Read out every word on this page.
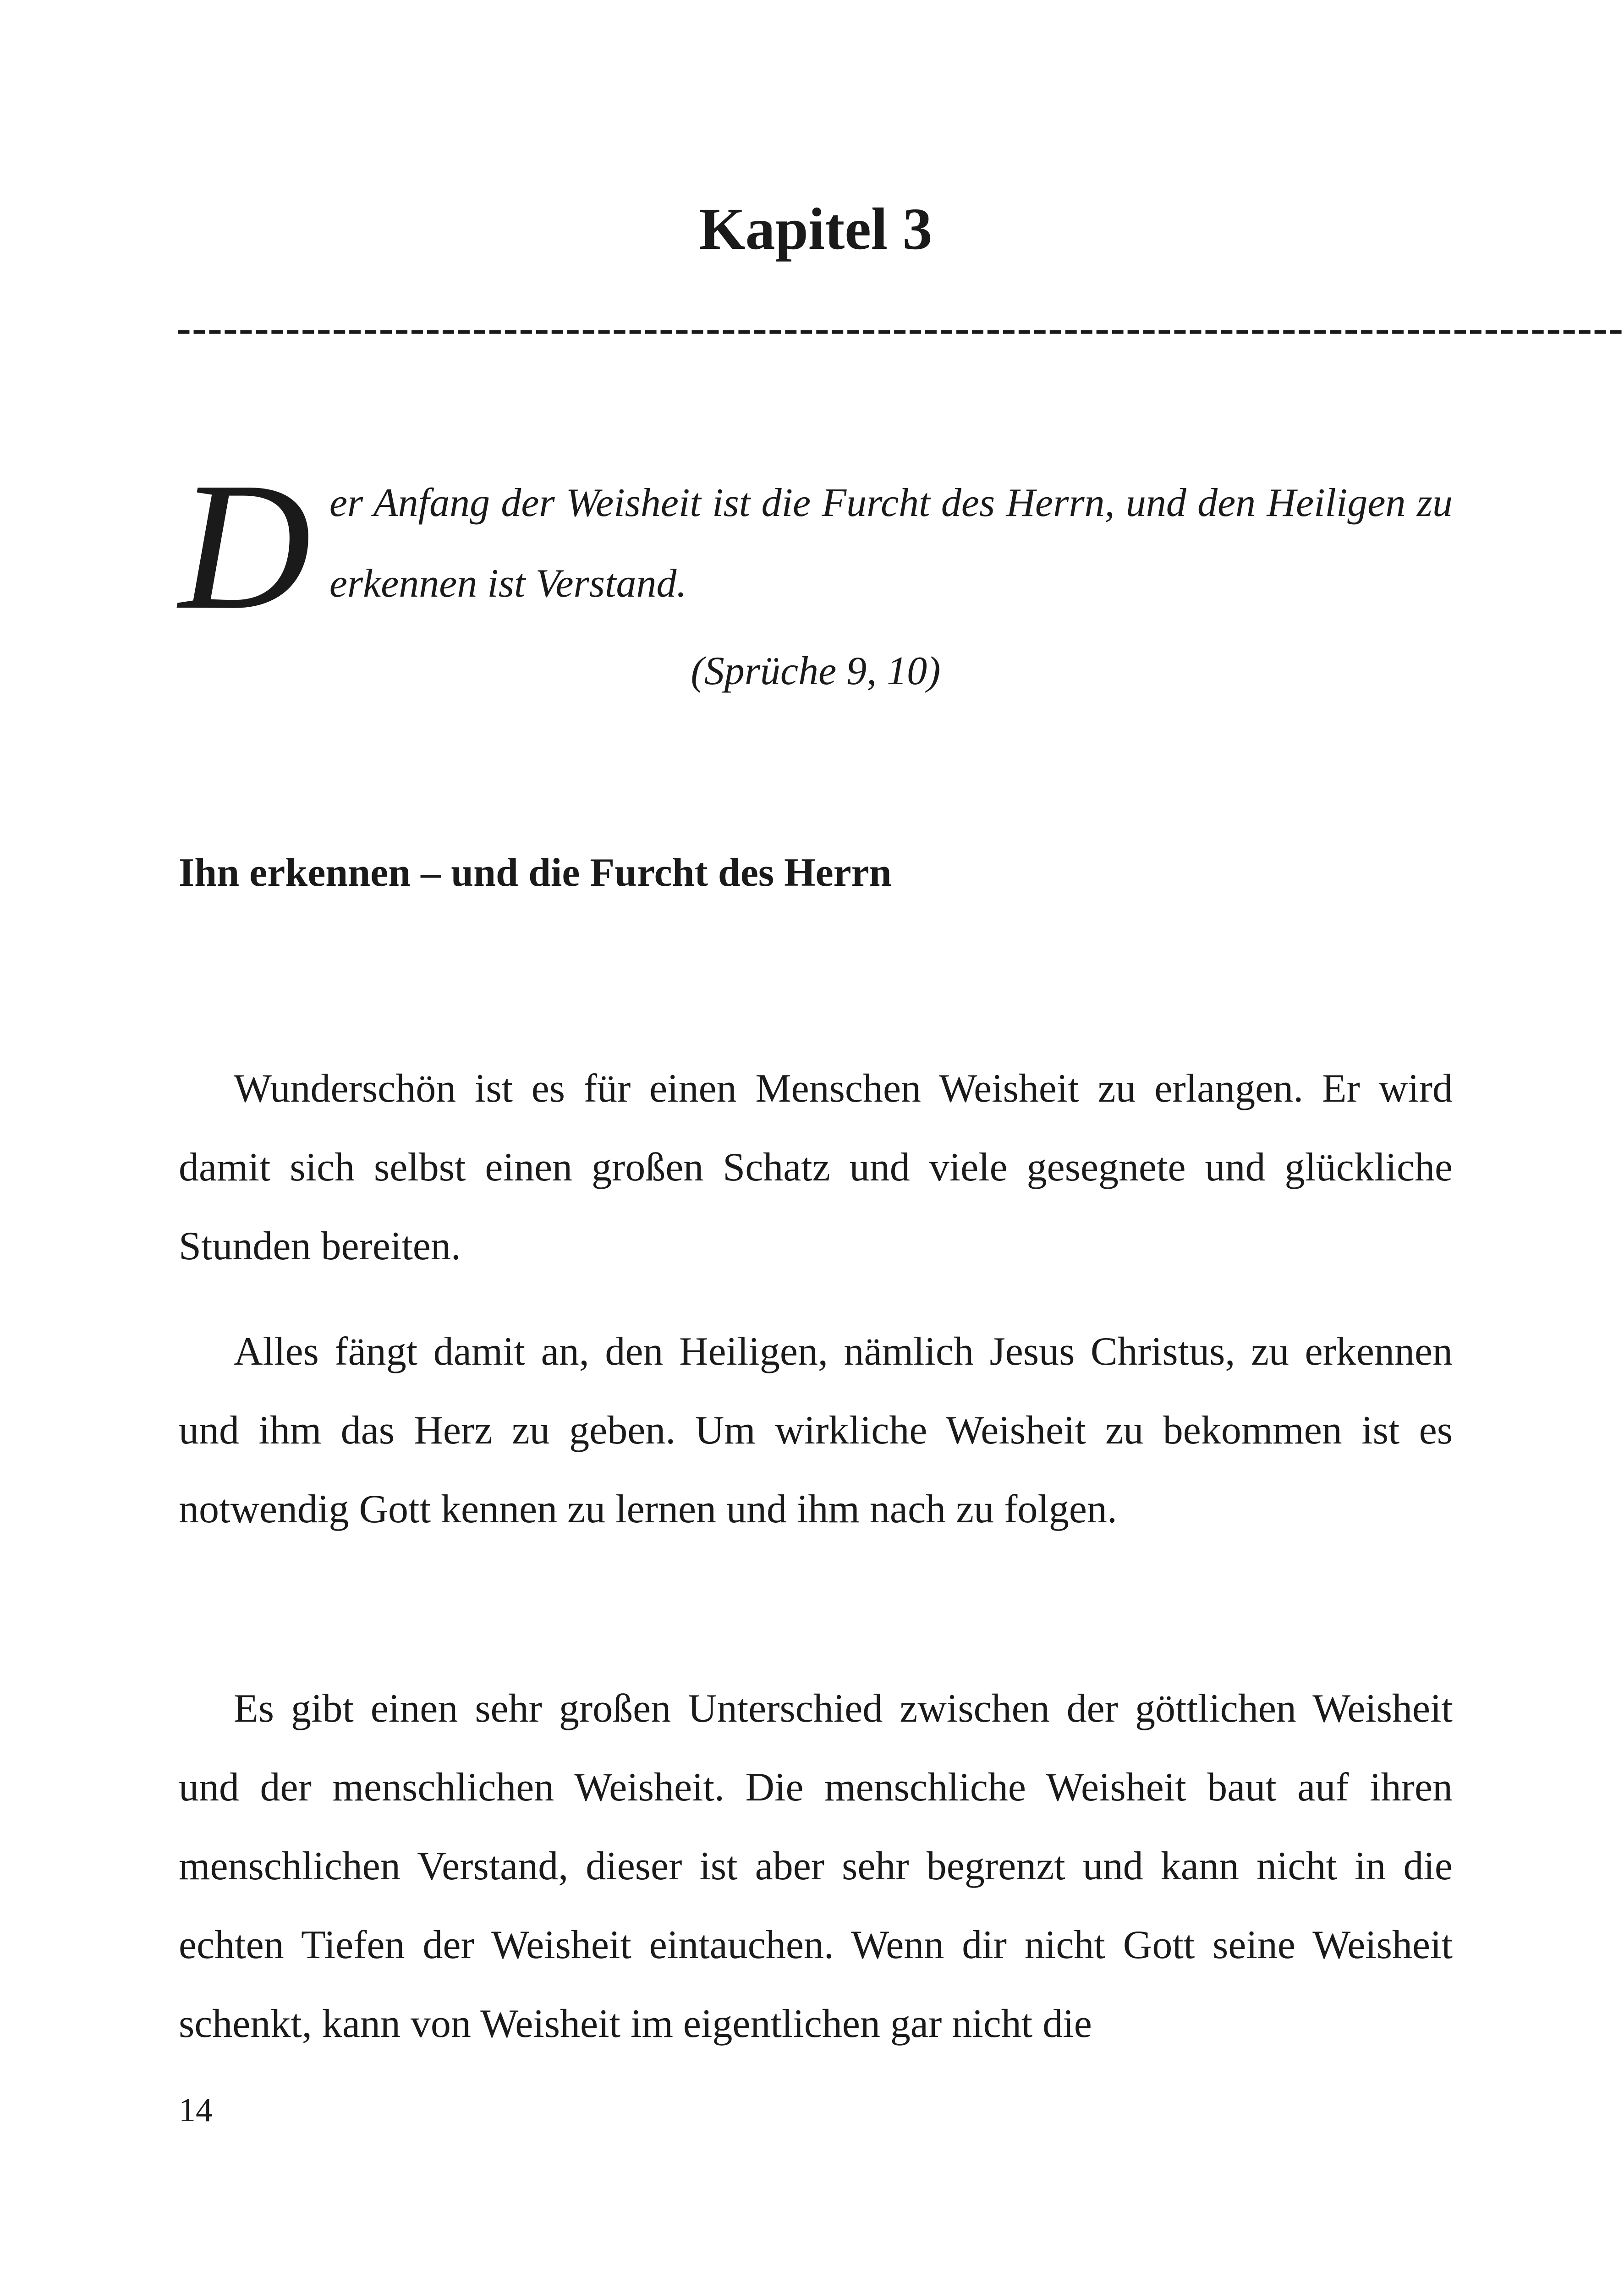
Kapitel 3
---------------------------------------------------------------------------------------------
D er Anfang der Weisheit ist die Furcht des Herrn, und den Heiligen zu erkennen ist Verstand.

(Sprüche 9, 10)
Ihn erkennen – und die Furcht des Herrn

Wunderschön ist es für einen Menschen Weisheit zu erlangen. Er wird damit sich selbst einen großen Schatz und viele gesegnete und glückliche Stunden bereiten.

Alles fängt damit an, den Heiligen, nämlich Jesus Christus, zu erkennen und ihm das Herz zu geben. Um wirkliche Weisheit zu bekommen ist es notwendig Gott kennen zu lernen und ihm nach zu folgen.

Es gibt einen sehr großen Unterschied zwischen der göttlichen Weisheit und der menschlichen Weisheit. Die menschliche Weisheit baut auf ihren menschlichen Verstand, dieser ist aber sehr begrenzt und kann nicht in die echten Tiefen der Weisheit eintauchen. Wenn dir nicht Gott seine Weisheit schenkt, kann von Weisheit im eigentlichen gar nicht die

14
